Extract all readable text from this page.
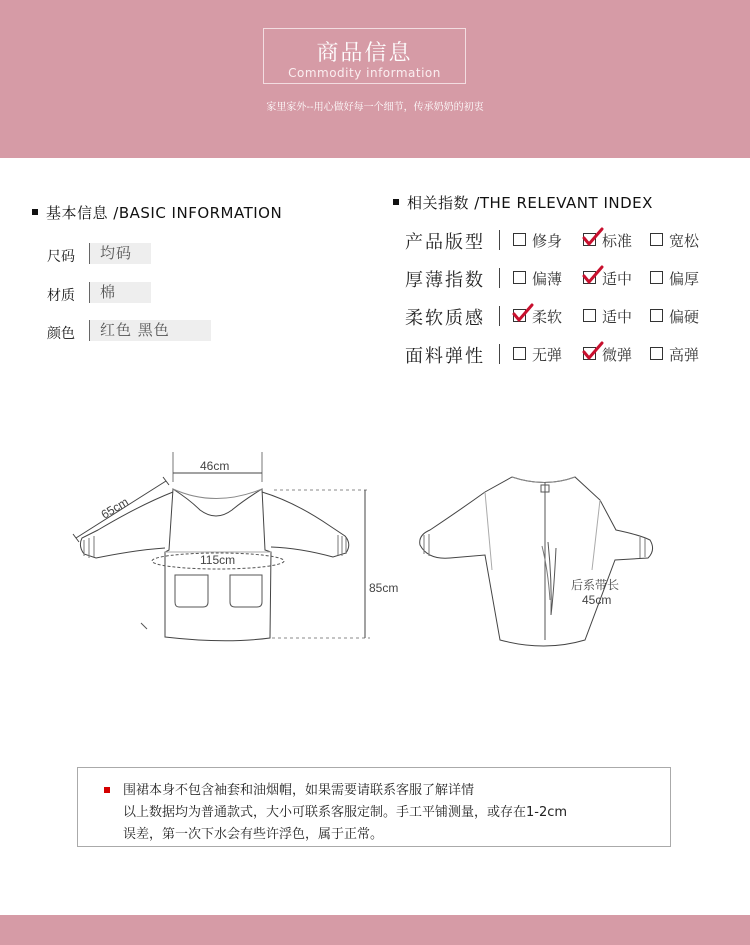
商品信息
Commodity information
家里家外--用心做好每一个细节，传承奶奶的初衷
基本信息 /BASIC INFORMATION
尺码	均码
材质	棉
颜色	红色 黑色
相关指数 /THE RELEVANT INDEX
产品版型	修身	标准 宽松
厚薄指数	偏薄	适中 偏厚
柔软质感	柔软	适中 偏硬
面料弹性	无弹	微弹 高弹
46cm
65cm
115cm
85cm	后系带长
45cm
围裙本身不包含袖套和油烟帽，如果需要请联系客服了解详情
以上数据均为普通款式，大小可联系客服定制。手工平铺测量，或存在1-2cm
误差，第一次下水会有些许浮色，属于正常。
